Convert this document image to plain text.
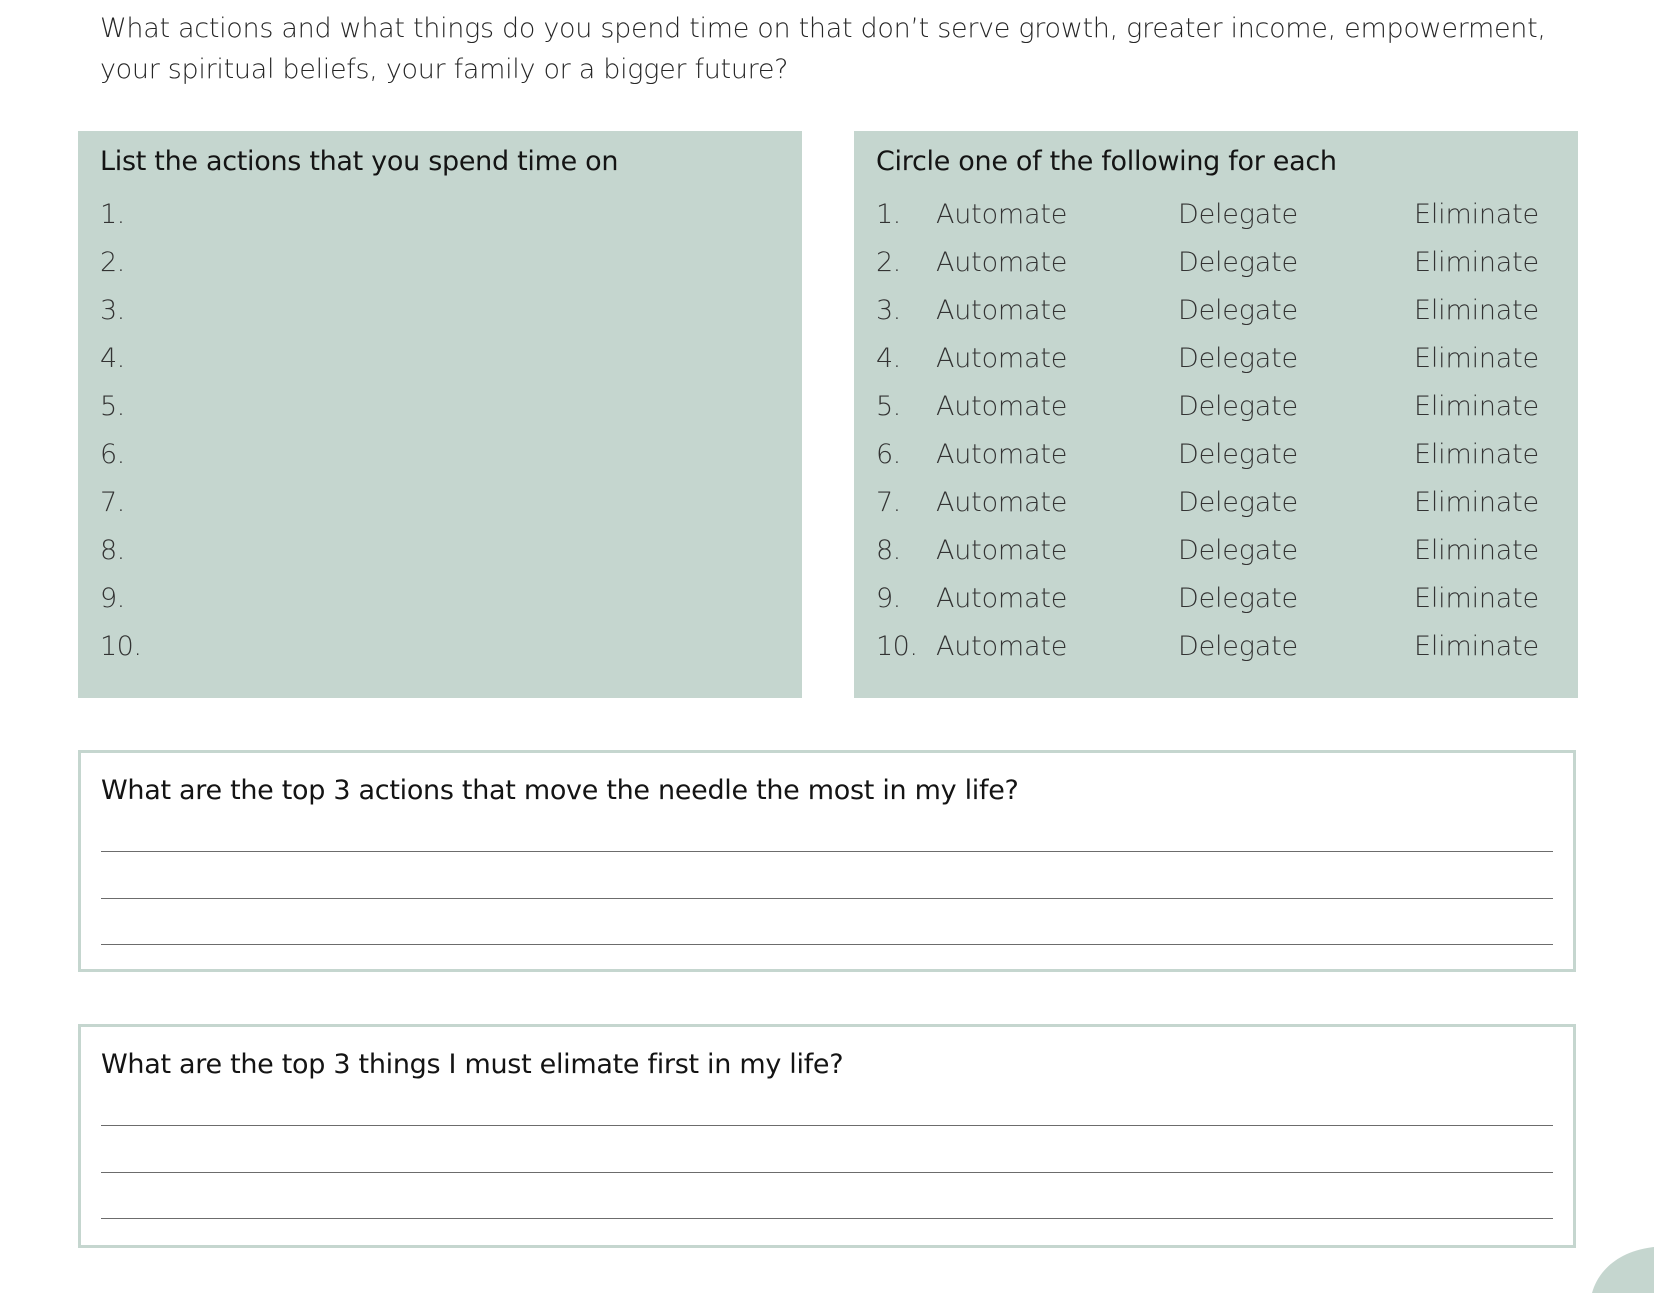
What actions and what things do you spend time on that don’t serve growth, greater income, empowerment,
your spiritual beliefs, your family or a bigger future?
List the actions that you spend time on
1.
2.
3.
4.
5.
6.
7.
8.
9.
10.
Circle one of the following for each
1. Automate	Delegate	Eliminate
2. Automate	Delegate	Eliminate
3. Automate	Delegate	Eliminate
4. Automate	Delegate	Eliminate
5. Automate	Delegate	Eliminate
6. Automate	Delegate	Eliminate
7. Automate	Delegate	Eliminate
8. Automate	Delegate	Eliminate
9. Automate	Delegate	Eliminate
10. Automate	Delegate	Eliminate
What are the top 3 actions that move the needle the most in my life?
What are the top 3 things I must elimate first in my life?
